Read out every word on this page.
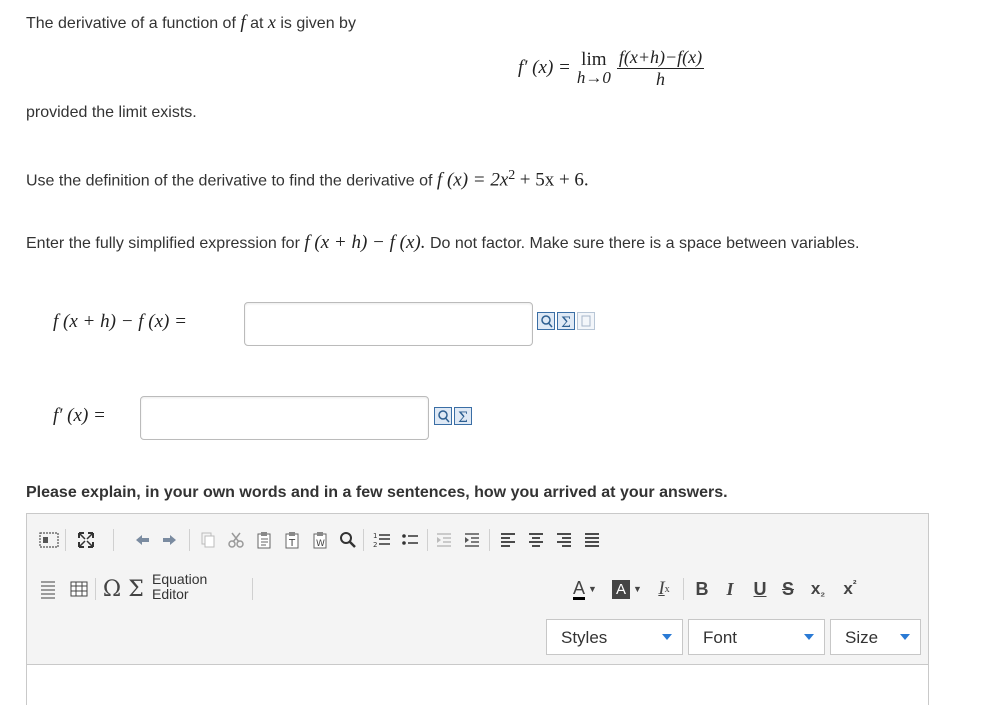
The derivative of a function of f at x is given by
f′ (x) = lim
$h\to 0 \frac{f(x+h)-f(x)}{h}$
provided the limit exists.
Use the definition of the derivative to find the derivative of f $(x) = 2x^2 + 5x + 6$.
Enter the fully simplified expression for f (x + h) − f (x). Do not factor. Make sure there is a space between variables.
f (x + h) − f (x) =	Σ
f′ (x) =	Σ
Please explain, in your own words and in a few sentences, how you arrived at your answers.
T W
1
2
Ω Σ Equation
Editor	A ▼ A ▼ I x	B I	U S x ₂ x ²
Styles	Font	Size
